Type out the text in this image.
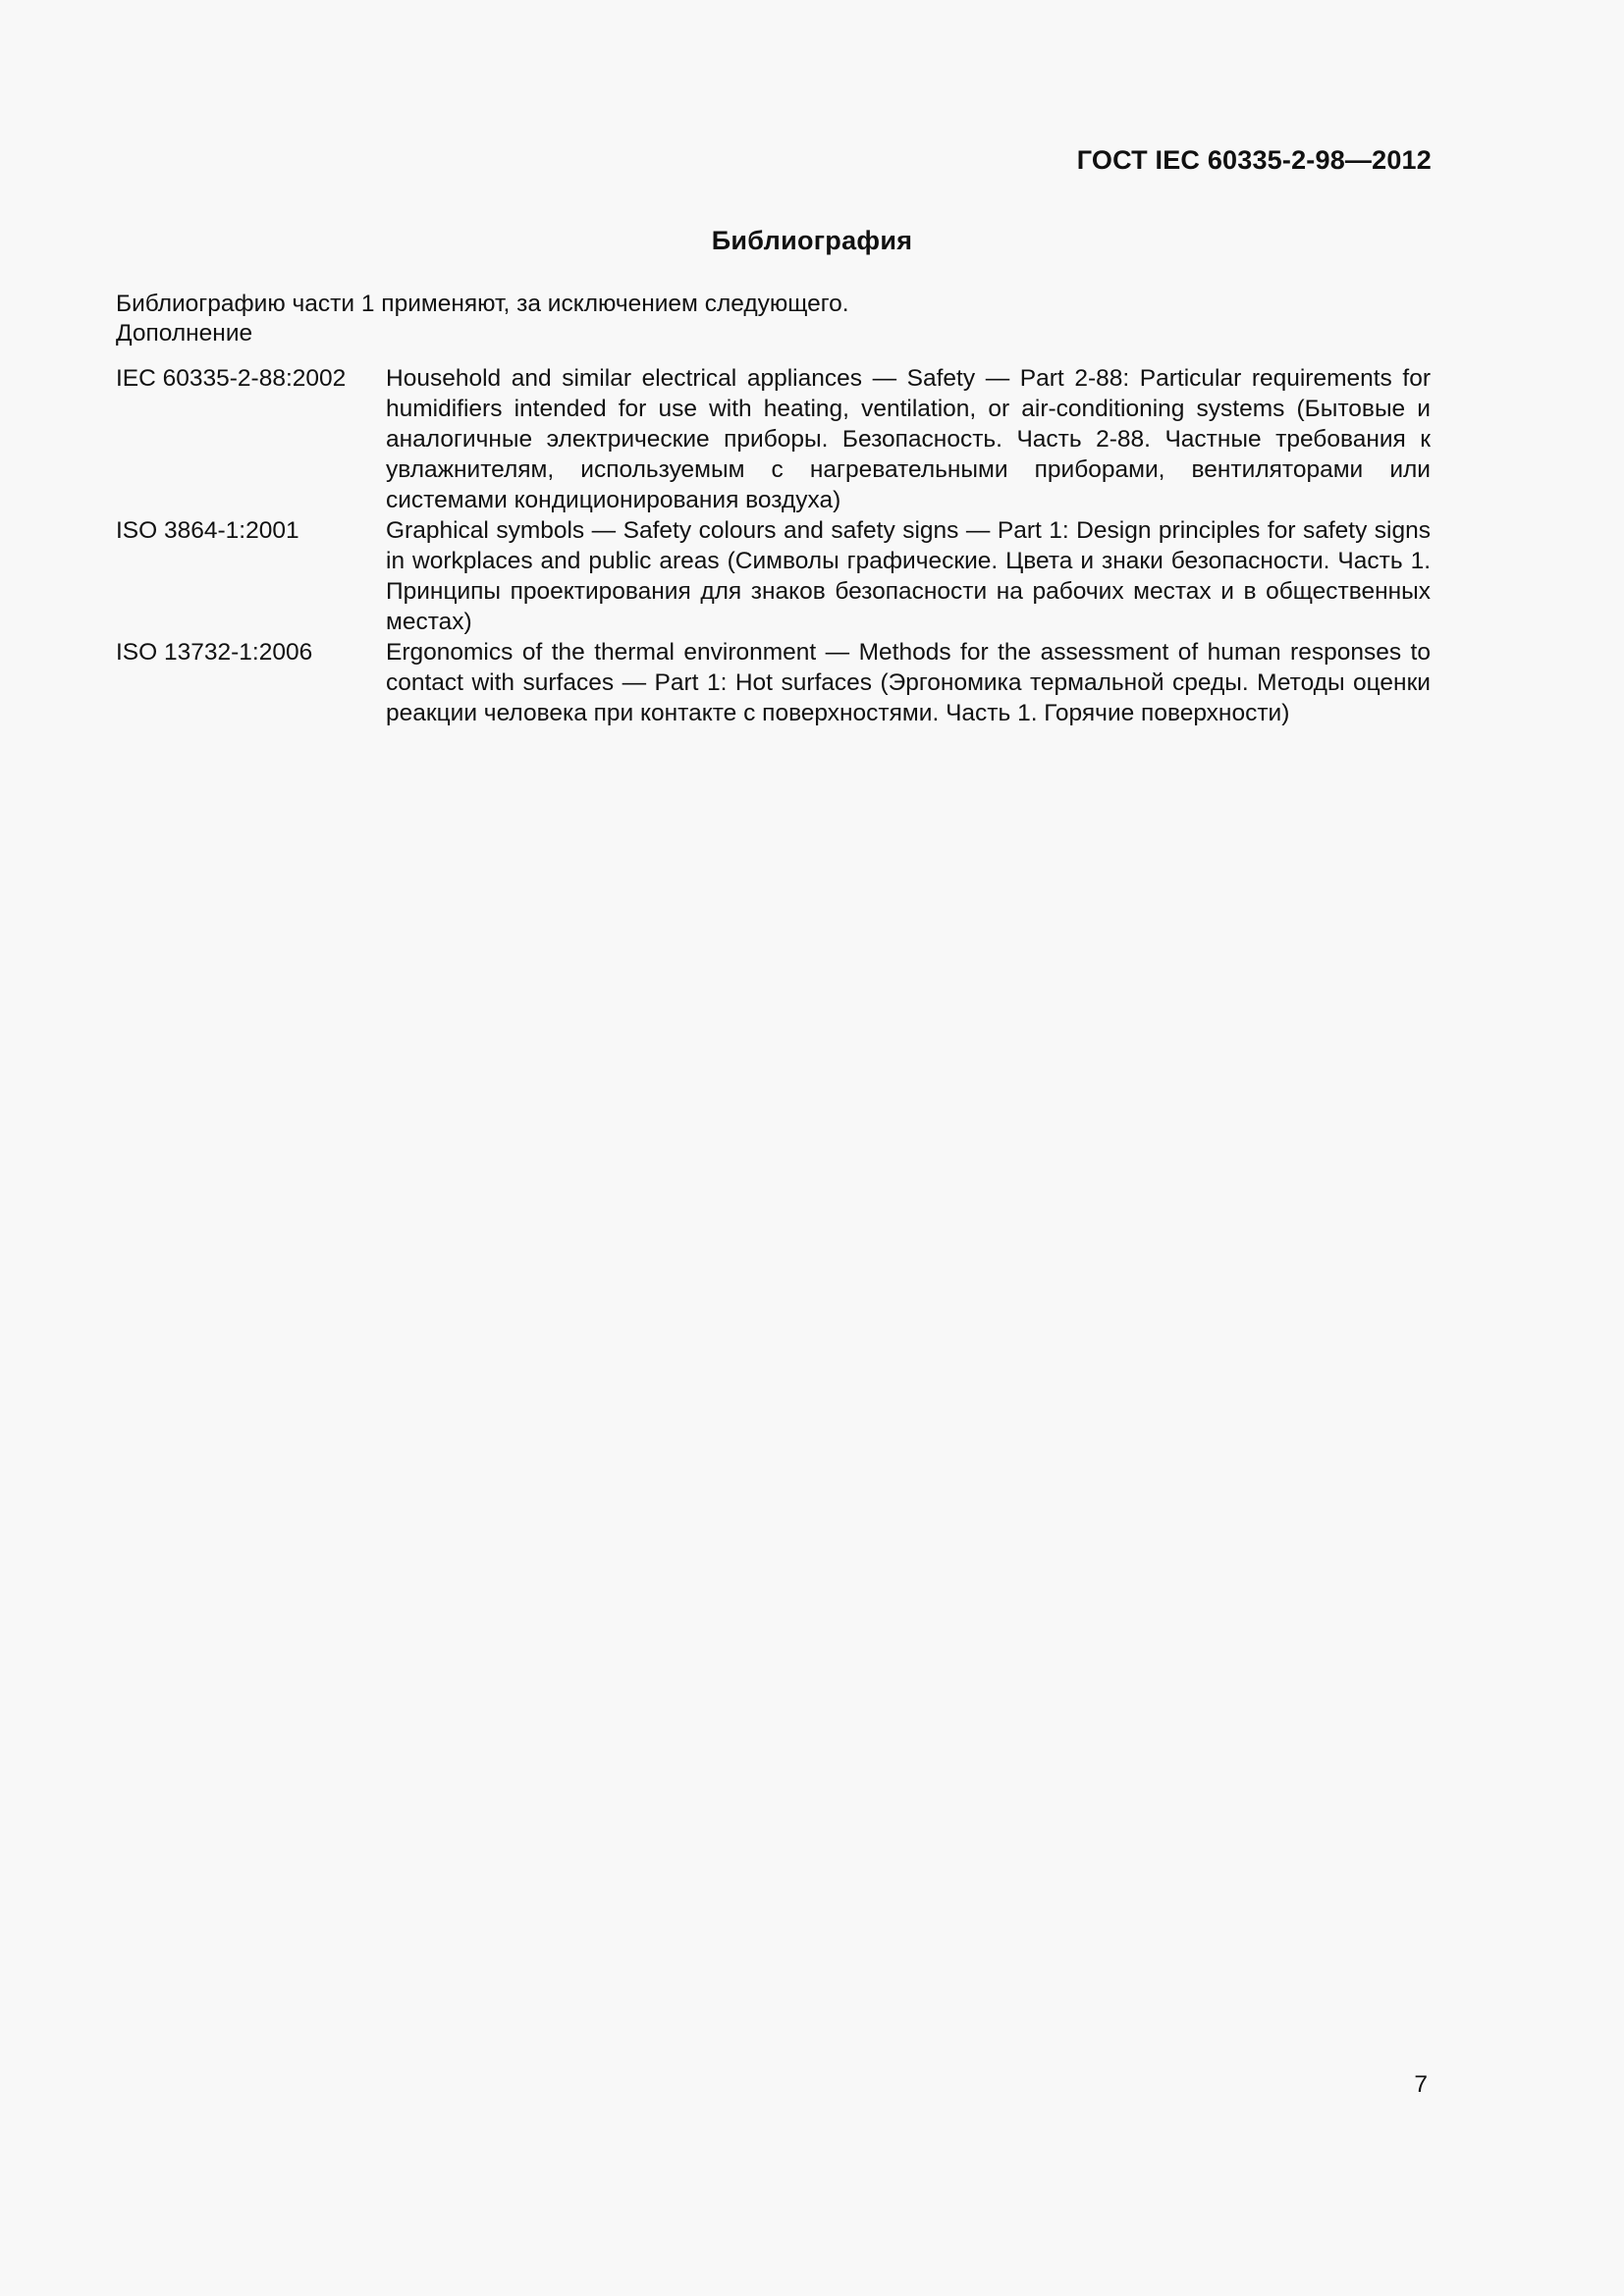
ГОСТ IEC 60335-2-98—2012
Библиография
Библиографию части 1 применяют, за исключением следующего.
Дополнение
IEC 60335-2-88:2002	Household and similar electrical appliances — Safety — Part 2-88: Particular requirements for humidifiers intended for use with heating, ventilation, or air-conditioning systems (Бытовые и аналогичные электрические приборы. Безопасность. Часть 2-88. Частные требования к увлажнителям, используемым с нагревательными приборами, вентиляторами или системами кондиционирования воздуха)
ISO 3864-1:2001	Graphical symbols — Safety colours and safety signs — Part 1: Design principles for safety signs in workplaces and public areas (Символы графические. Цвета и знаки безопасности. Часть 1. Принципы проектирования для знаков безопасности на рабочих местах и в общественных местах)
ISO 13732-1:2006	Ergonomics of the thermal environment — Methods for the assessment of human responses to contact with surfaces — Part 1: Hot surfaces (Эргономика термальной среды. Методы оценки реакции человека при контакте с поверхностями. Часть 1. Горячие поверхности)
7
